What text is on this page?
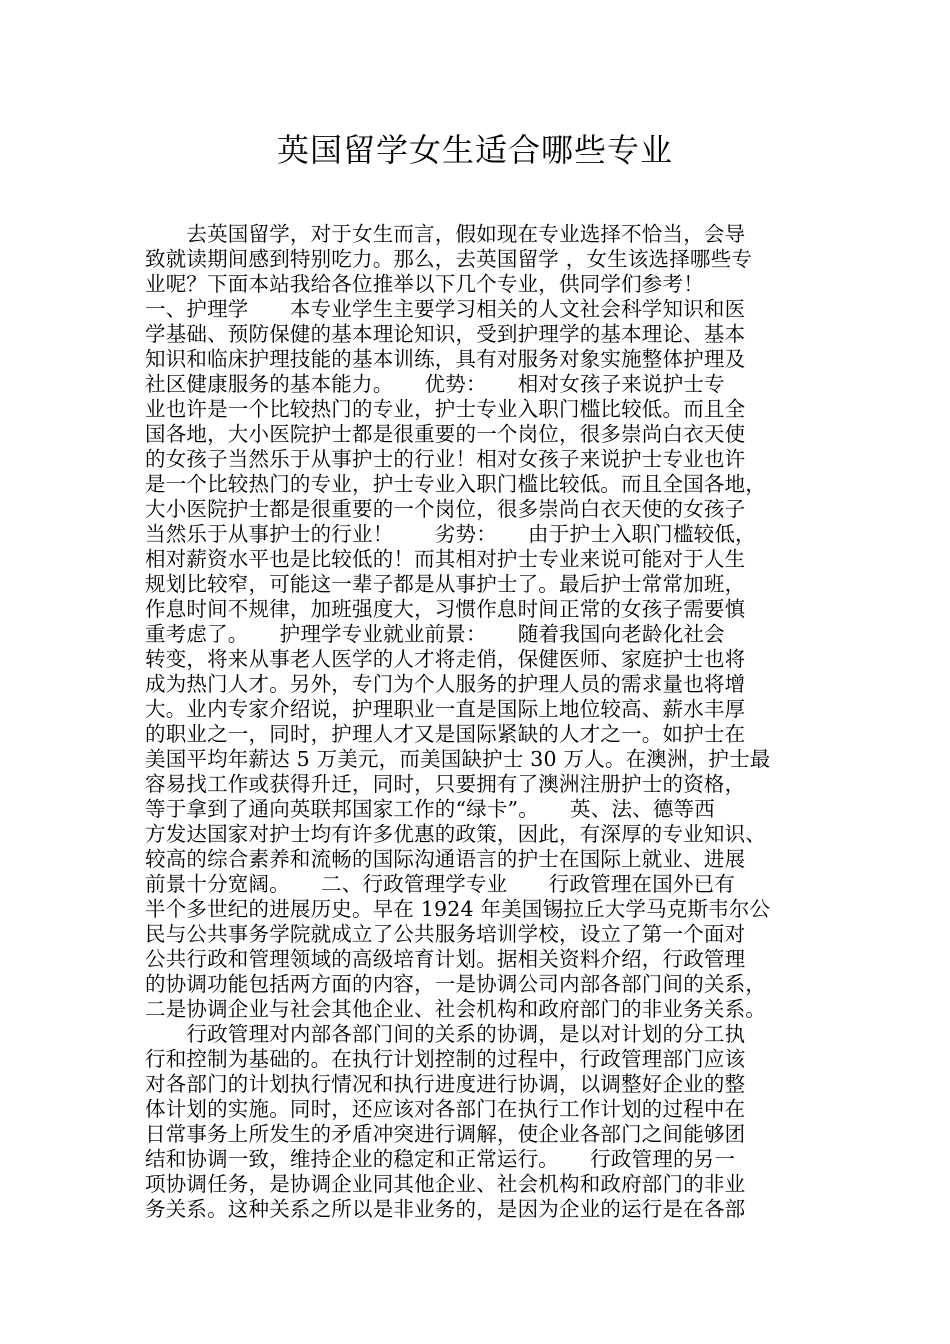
英国留学女生适合哪些专业
　　去英国留学，对于女生而言，假如现在专业选择不恰当，会导
致就读期间感到特别吃力。那么，去英国留学 ，女生该选择哪些专
业呢？下面本站我给各位推举以下几个专业，供同学们参考！
一、护理学　　本专业学生主要学习相关的人文社会科学知识和医
学基础、预防保健的基本理论知识，受到护理学的基本理论、基本
知识和临床护理技能的基本训练，具有对服务对象实施整体护理及
社区健康服务的基本能力。　　优势：　　相对女孩子来说护士专
业也许是一个比较热门的专业，护士专业入职门槛比较低。而且全
国各地，大小医院护士都是很重要的一个岗位，很多崇尚白衣天使
的女孩子当然乐于从事护士的行业！相对女孩子来说护士专业也许
是一个比较热门的专业，护士专业入职门槛比较低。而且全国各地，
大小医院护士都是很重要的一个岗位，很多崇尚白衣天使的女孩子
当然乐于从事护士的行业！　　劣势：　　由于护士入职门槛较低，
相对薪资水平也是比较低的！而其相对护士专业来说可能对于人生
规划比较窄，可能这一辈子都是从事护士了。最后护士常常加班，
作息时间不规律，加班强度大，习惯作息时间正常的女孩子需要慎
重考虑了。　　护理学专业就业前景：　　随着我国向老龄化社会
转变，将来从事老人医学的人才将走俏，保健医师、家庭护士也将
成为热门人才。另外，专门为个人服务的护理人员的需求量也将增
大。业内专家介绍说，护理职业一直是国际上地位较高、薪水丰厚
的职业之一，同时，护理人才又是国际紧缺的人才之一。如护士在
美国平均年薪达 5 万美元，而美国缺护士 30 万人。在澳洲，护士最
容易找工作或获得升迁，同时，只要拥有了澳洲注册护士的资格，
等于拿到了通向英联邦国家工作的“绿卡”。　　英、法、德等西
方发达国家对护士均有许多优惠的政策，因此，有深厚的专业知识、
较高的综合素养和流畅的国际沟通语言的护士在国际上就业、进展
前景十分宽阔。　　二、行政管理学专业　　行政管理在国外已有
半个多世纪的进展历史。早在 1924 年美国锡拉丘大学马克斯韦尔公
民与公共事务学院就成立了公共服务培训学校，设立了第一个面对
公共行政和管理领域的高级培育计划。据相关资料介绍，行政管理
的协调功能包括两方面的内容，一是协调公司内部各部门间的关系，
二是协调企业与社会其他企业、社会机构和政府部门的非业务关系。
　　行政管理对内部各部门间的关系的协调，是以对计划的分工执
行和控制为基础的。在执行计划控制的过程中，行政管理部门应该
对各部门的计划执行情况和执行进度进行协调，以调整好企业的整
体计划的实施。同时，还应该对各部门在执行工作计划的过程中在
日常事务上所发生的矛盾冲突进行调解，使企业各部门之间能够团
结和协调一致，维持企业的稳定和正常运行。　　行政管理的另一
项协调任务，是协调企业同其他企业、社会机构和政府部门的非业
务关系。这种关系之所以是非业务的，是因为企业的运行是在各部
